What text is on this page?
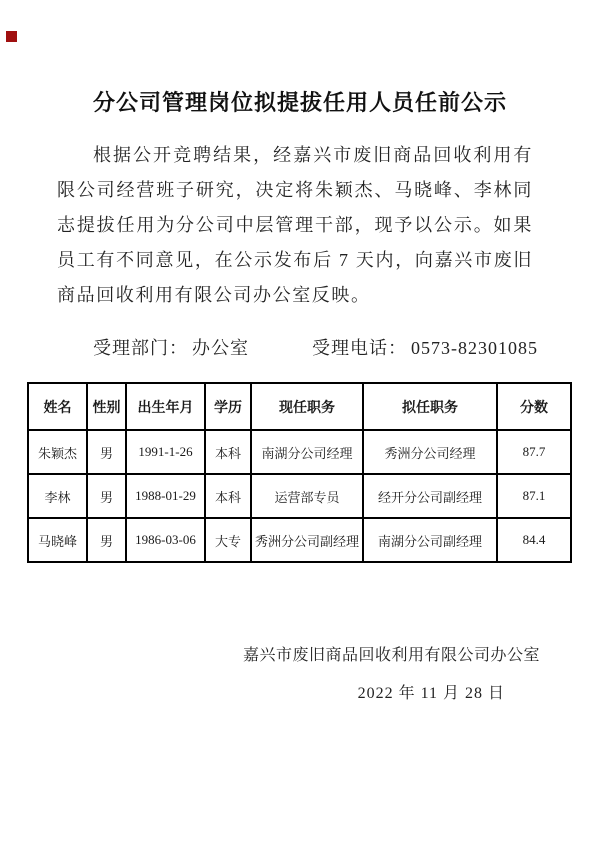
分公司管理岗位拟提拔任用人员任前公示
根据公开竞聘结果，经嘉兴市废旧商品回收利用有限公司经营班子研究，决定将朱颖杰、马晓峰、李林同志提拔任用为分公司中层管理干部，现予以公示。如果员工有不同意见，在公示发布后 7 天内，向嘉兴市废旧商品回收利用有限公司办公室反映。
受理部门： 办公室	受理电话： 0573-82301085
姓名	性别	出生年月	学历	现任职务	拟任职务	分数
朱颖杰	男	1991-1-26	本科	南湖分公司经理	秀洲分公司经理	87.7
李林	男	1988-01-29	本科	运营部专员	经开分公司副经理	87.1
马晓峰	男	1986-03-06	大专	秀洲分公司副经理	南湖分公司副经理	84.4
嘉兴市废旧商品回收利用有限公司办公室
2022 年 11 月 28 日
